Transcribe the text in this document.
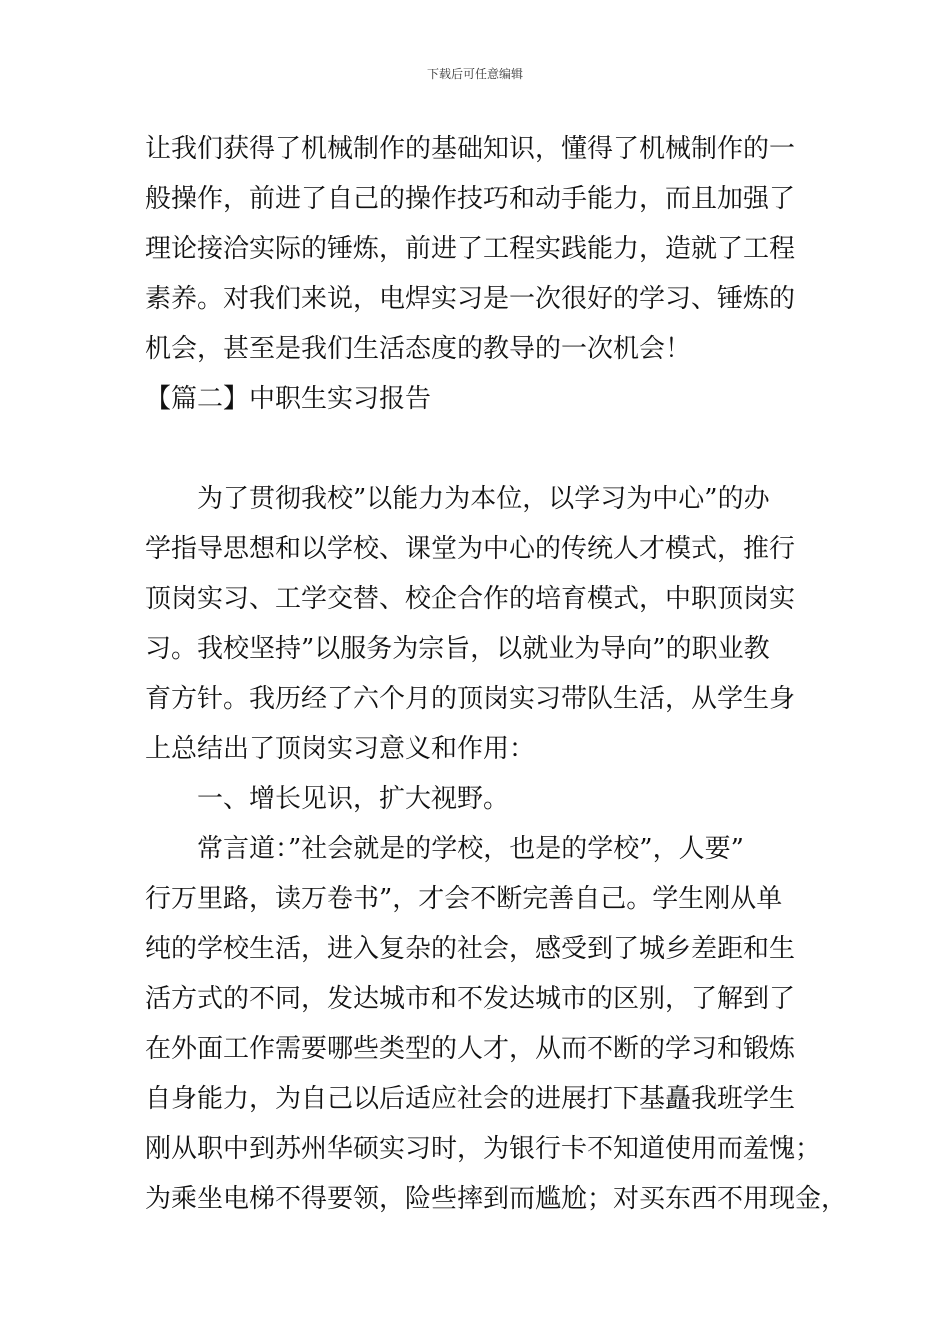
下载后可任意编辑
让我们获得了机械制作的基础知识，懂得了机械制作的一
般操作，前进了自己的操作技巧和动手能力，而且加强了
理论接洽实际的锤炼，前进了工程实践能力，造就了工程
素养。对我们来说，电焊实习是一次很好的学习、锤炼的
机会，甚至是我们生活态度的教导的一次机会！
【篇二】中职生实习报告
为了贯彻我校”以能力为本位，以学习为中心”的办
学指导思想和以学校、课堂为中心的传统人才模式，推行
顶岗实习、工学交替、校企合作的培育模式，中职顶岗实
习。我校坚持”以服务为宗旨，以就业为导向”的职业教
育方针。我历经了六个月的顶岗实习带队生活，从学生身
上总结出了顶岗实习意义和作用：
一、增长见识，扩大视野。
常言道：”社会就是的学校，也是的学校”，人要”
行万里路，读万卷书”，才会不断完善自己。学生刚从单
纯的学校生活，进入复杂的社会，感受到了城乡差距和生
活方式的不同，发达城市和不发达城市的区别，了解到了
在外面工作需要哪些类型的人才，从而不断的学习和锻炼
自身能力，为自己以后适应社会的进展打下基矗我班学生
刚从职中到苏州华硕实习时，为银行卡不知道使用而羞愧；
为乘坐电梯不得要领，险些摔到而尴尬；对买东西不用现金，
